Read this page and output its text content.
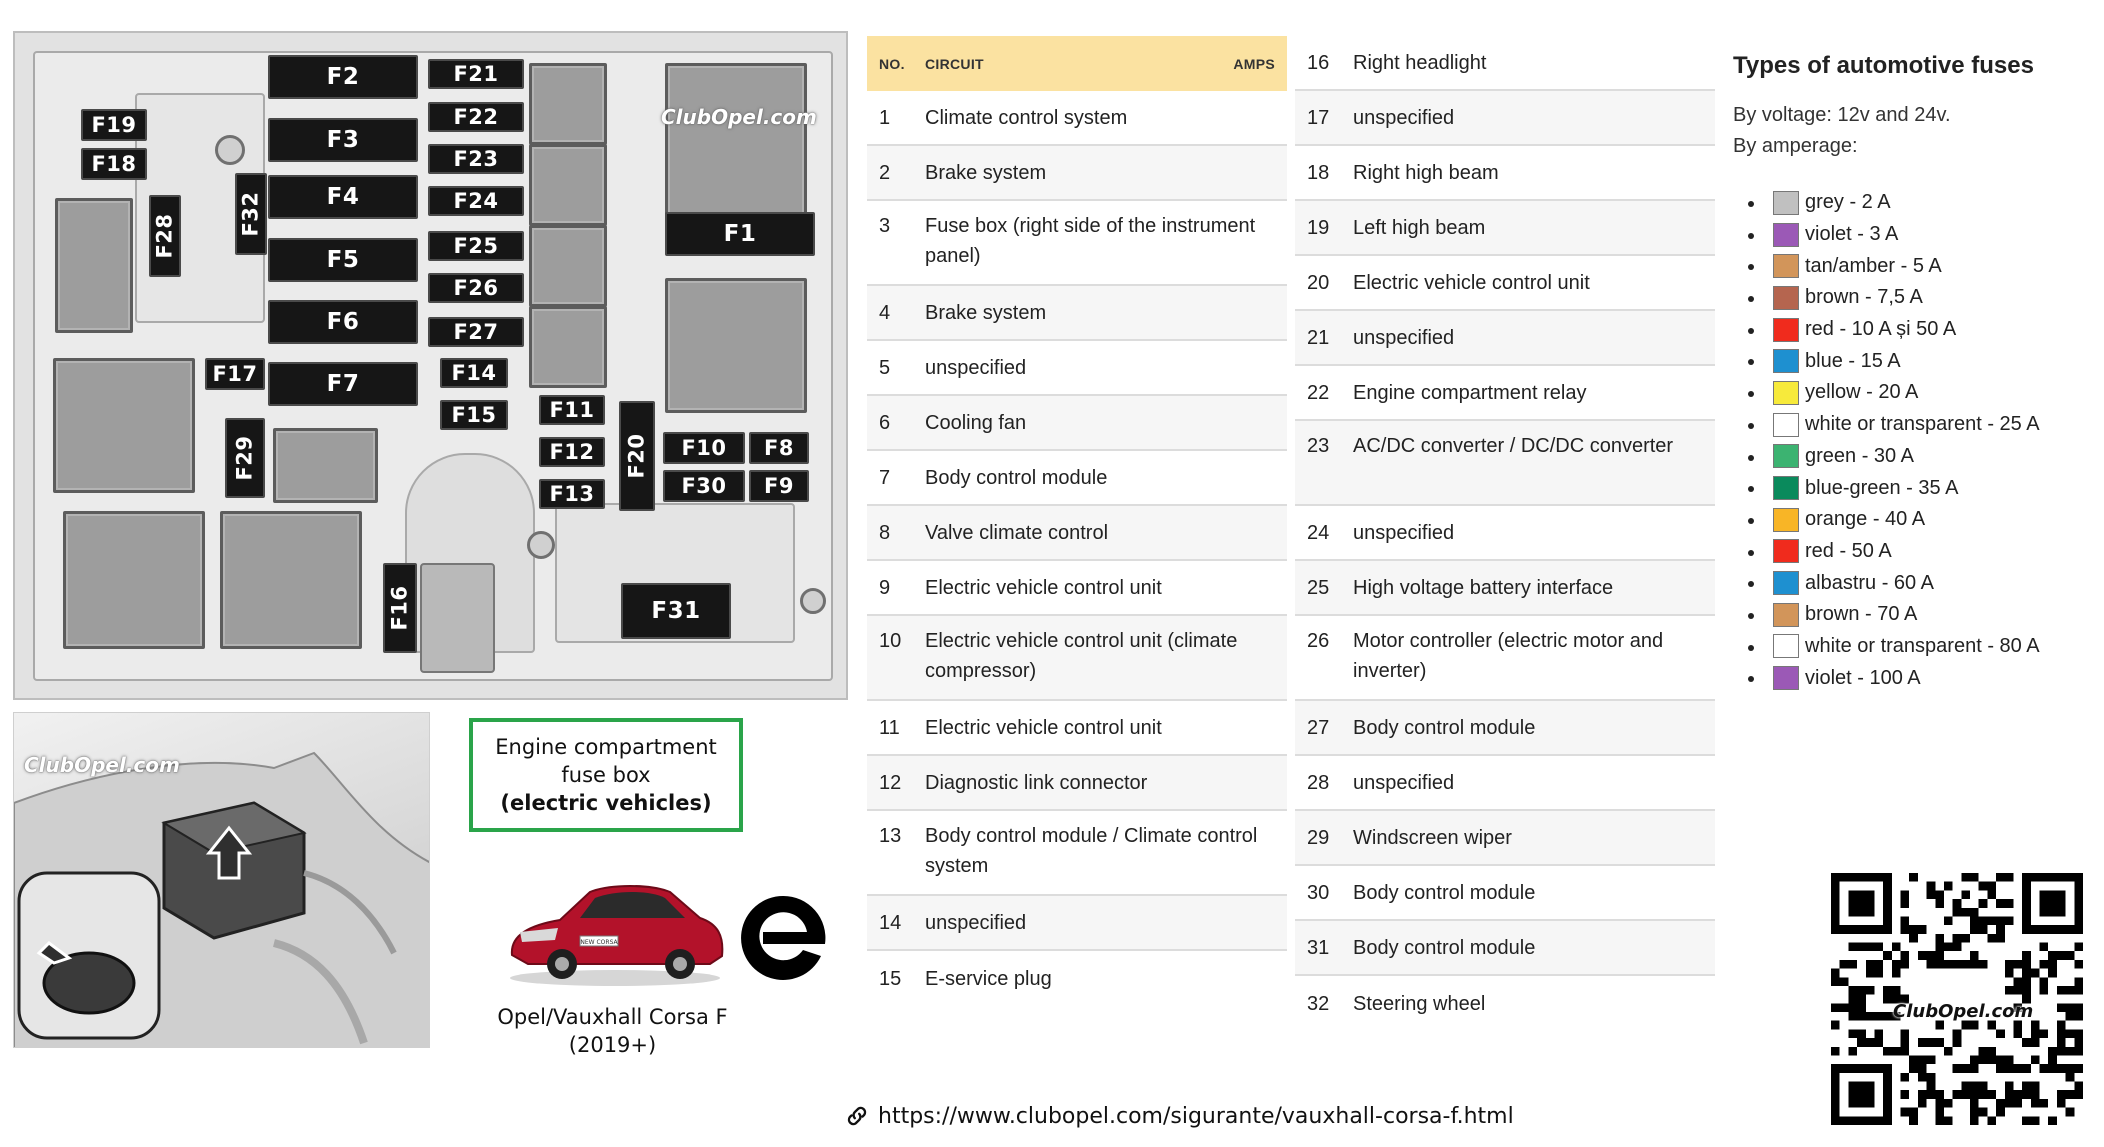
F2
F3
F4
F5
F6
F7
F21
F22
F23
F24
F25
F26
F27
F1
F19
F18
F28	F32
F17
F29
F14
F15	F11
F12
F13
F20 F10 F8
F30 F9
F16	F31
ClubOpel.com
ClubOpel.com
Engine compartment
fuse box
(electric vehicles)
NEW CORSA
Opel/Vauxhall Corsa F
(2019+)
NO.	CIRCUIT	AMPS
1	Climate control system
2	Brake system
3	Fuse box (right side of the instrument panel)
4	Brake system
5	unspecified
6	Cooling fan
7	Body control module
8	Valve climate control
9	Electric vehicle control unit
10	Electric vehicle control unit (climate compressor)
11	Electric vehicle control unit
12	Diagnostic link connector
13	Body control module / Climate control system
14	unspecified
15	E-service plug
16	Right headlight
17	unspecified
18	Right high beam
19	Left high beam
20	Electric vehicle control unit
21	unspecified
22	Engine compartment relay
23	AC/DC converter / DC/DC converter
24	unspecified
25	High voltage battery interface
26	Motor controller (electric motor and inverter)
27	Body control module
28	unspecified
29	Windscreen wiper
30	Body control module
31	Body control module
32	Steering wheel
Types of automotive fuses
By voltage: 12v and 24v.
By amperage:
grey - 2 A
violet - 3 A
tan/amber - 5 A
brown - 7,5 A
red - 10 A și 50 A
blue - 15 A
yellow - 20 A
white or transparent - 25 A
green - 30 A
blue-green - 35 A
orange - 40 A
red - 50 A
albastru - 60 A
brown - 70 A
white or transparent - 80 A
violet - 100 A
ClubOpel.com
https://www.clubopel.com/sigurante/vauxhall-corsa-f.html
